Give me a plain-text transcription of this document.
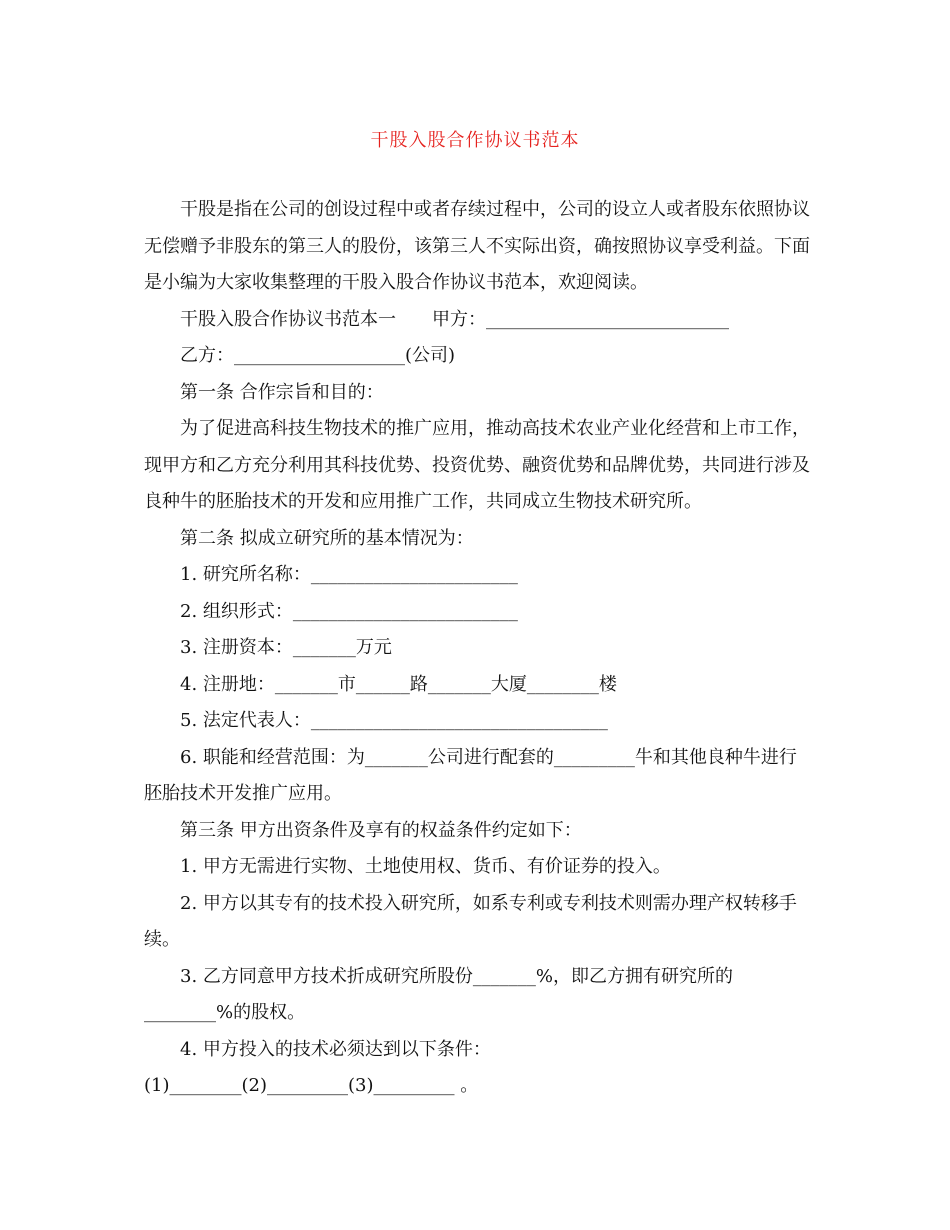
干股入股合作协议书范本

干股是指在公司的创设过程中或者存续过程中，公司的设立人或者股东依照协议无偿赠予非股东的第三人的股份，该第三人不实际出资，确按照协议享受利益。下面是小编为大家收集整理的干股入股合作协议书范本，欢迎阅读。

干股入股合作协议书范本一　　甲方：___________________________

乙方：___________________(公司)

第一条 合作宗旨和目的：

为了促进高科技生物技术的推广应用，推动高技术农业产业化经营和上市工作，现甲方和乙方充分利用其科技优势、投资优势、融资优势和品牌优势，共同进行涉及良种牛的胚胎技术的开发和应用推广工作，共同成立生物技术研究所。

第二条 拟成立研究所的基本情况为：

1. 研究所名称：_______________________

2. 组织形式：_________________________

3. 注册资本：_______万元

4. 注册地：_______市______路_______大厦________楼

5. 法定代表人：_________________________________

6. 职能和经营范围：为_______公司进行配套的_________牛和其他良种牛进行胚胎技术开发推广应用。

第三条 甲方出资条件及享有的权益条件约定如下：

1. 甲方无需进行实物、土地使用权、货币、有价证券的投入。

2. 甲方以其专有的技术投入研究所，如系专利或专利技术则需办理产权转移手续。

3. 乙方同意甲方技术折成研究所股份_______%，即乙方拥有研究所的________%的股权。

4. 甲方投入的技术必须达到以下条件：

(1)________(2)_________(3)_________ 。
